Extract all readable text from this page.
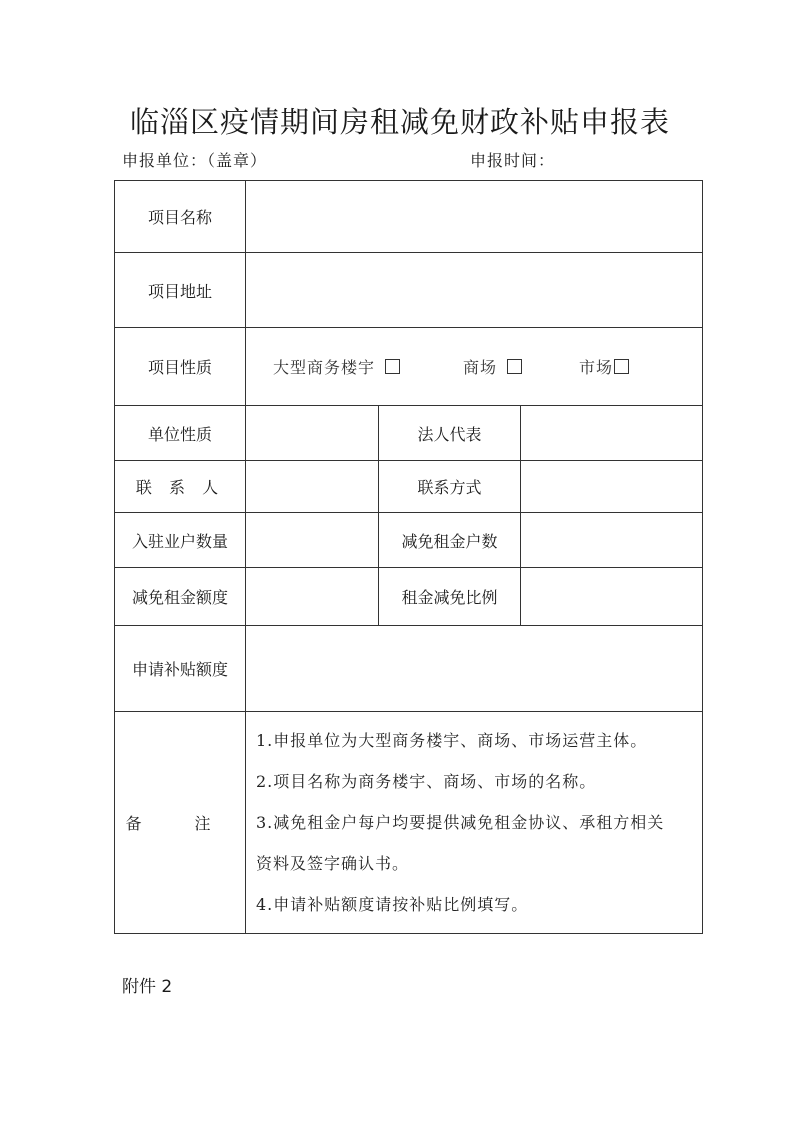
临淄区疫情期间房租减免财政补贴申报表
申报单位：（盖章）	申报时间：
项目名称			
项目地址			
项目性质	大型商务楼宇 商场 市场		
单位性质		法人代表	
联 系 人		联系方式	
入驻业户数量		减免租金户数	
减免租金额度		租金减免比例	
申请补贴额度			
备 注	1.申报单位为大型商务楼宇、商场、市场运营主体。
2.项目名称为商务楼宇、商场、市场的名称。
3.减免租金户每户均要提供减免租金协议、承租方相关
资料及签字确认书。
4.申请补贴额度请按补贴比例填写。		
附件 2
